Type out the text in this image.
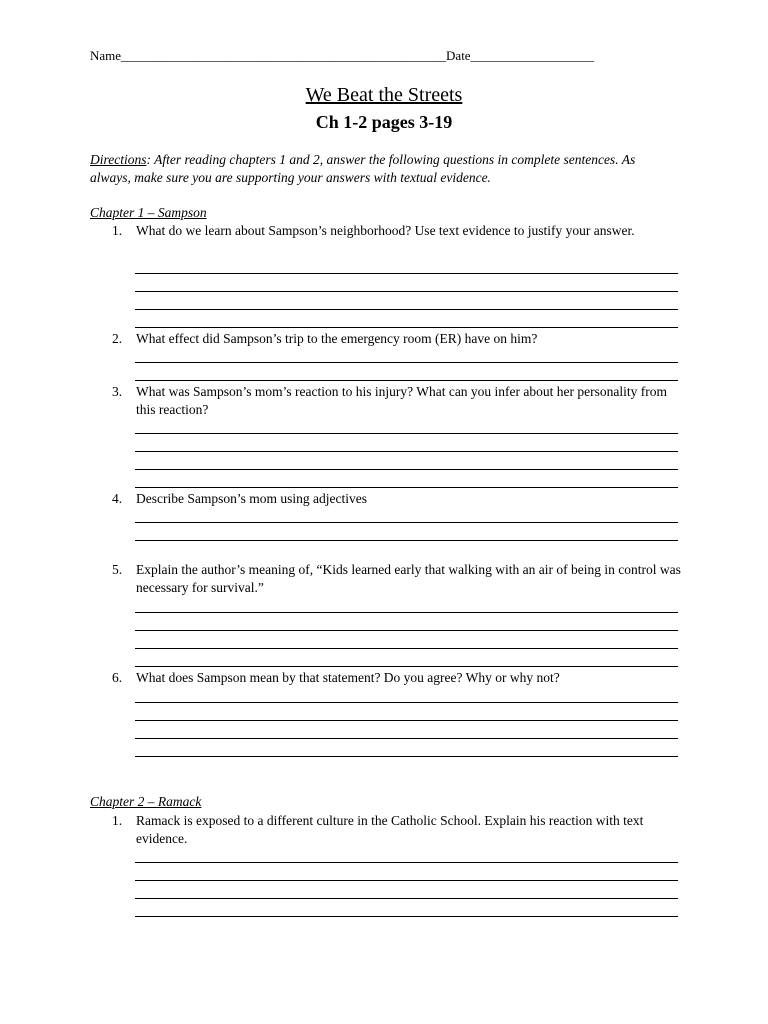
Name__________________________________________________Date___________________
We Beat the Streets
Ch 1-2 pages 3-19
Directions: After reading chapters 1 and 2, answer the following questions in complete sentences. As always, make sure you are supporting your answers with textual evidence.
Chapter 1 – Sampson
1. What do we learn about Sampson’s neighborhood? Use text evidence to justify your answer.
2. What effect did Sampson’s trip to the emergency room (ER) have on him?
3. What was Sampson’s mom’s reaction to his injury? What can you infer about her personality from this reaction?
4. Describe Sampson’s mom using adjectives
5. Explain the author’s meaning of, “Kids learned early that walking with an air of being in control was necessary for survival.”
6. What does Sampson mean by that statement? Do you agree? Why or why not?
Chapter 2 – Ramack
1. Ramack is exposed to a different culture in the Catholic School. Explain his reaction with text evidence.
